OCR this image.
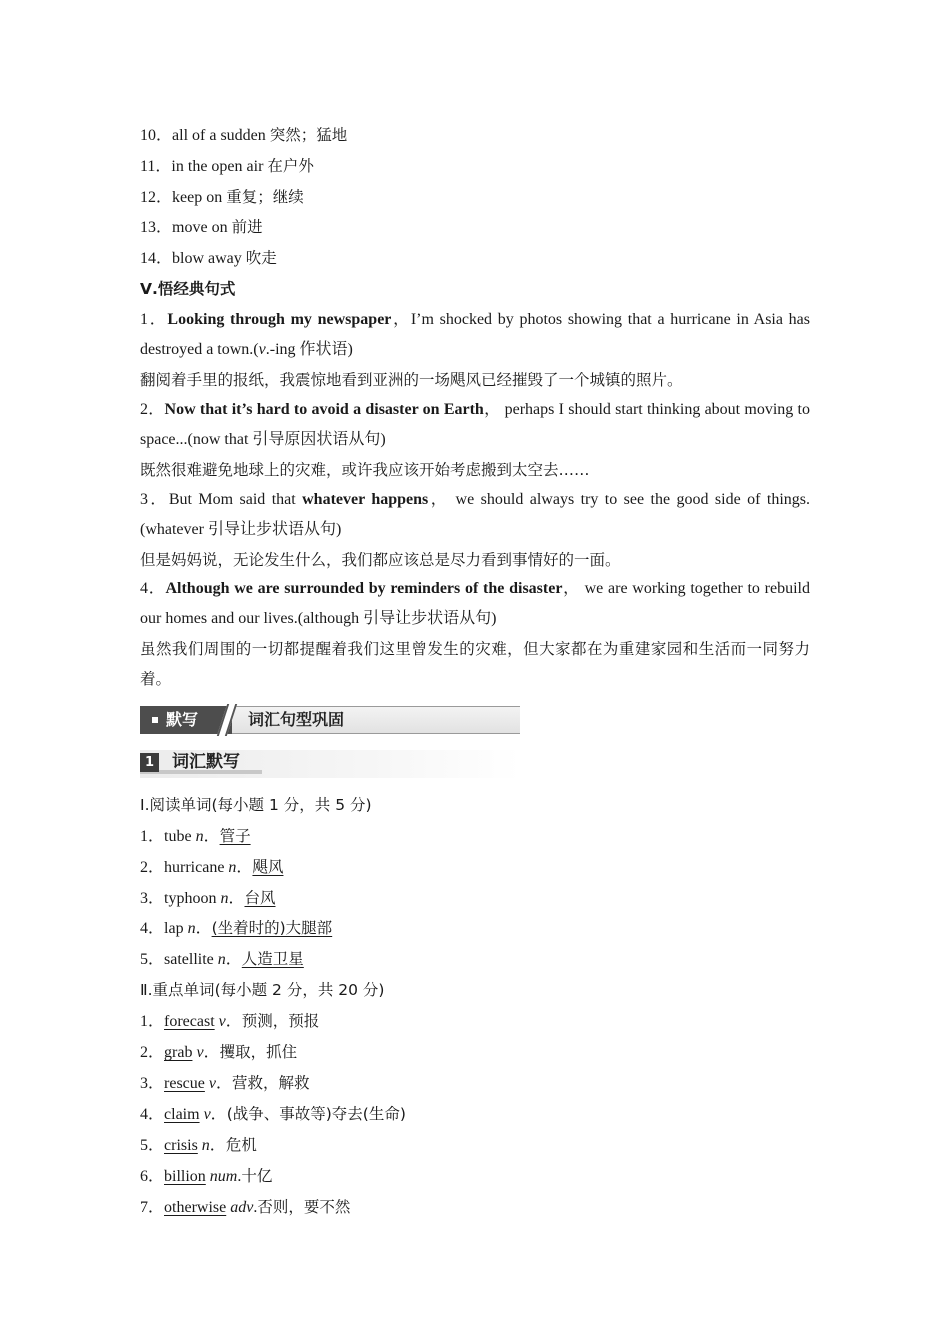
10．all of a sudden 突然；猛地
11．in the open air 在户外
12．keep on 重复；继续
13．move on 前进
14．blow away 吹走
Ⅴ.悟经典句式
1．Looking through my newspaper，I’m shocked by photos showing that a hurricane in Asia has destroyed a town.(v.-ing 作状语)
翻阅着手里的报纸，我震惊地看到亚洲的一场飓风已经摧毁了一个城镇的照片。
2．Now that it’s hard to avoid a disaster on Earth， perhaps I should start thinking about moving to space...(now that 引导原因状语从句)
既然很难避免地球上的灾难，或许我应该开始考虑搬到太空去……
3．But Mom said that whatever happens， we should always try to see the good side of things. (whatever 引导让步状语从句)
但是妈妈说，无论发生什么，我们都应该总是尽力看到事情好的一面。
4．Although we are surrounded by reminders of the disaster， we are working together to rebuild our homes and our lives.(although 引导让步状语从句)
虽然我们周围的一切都提醒着我们这里曾发生的灾难，但大家都在为重建家园和生活而一同努力着。
默写	词汇句型巩固
1 词汇默写
Ⅰ.阅读单词(每小题 1 分，共 5 分)
1．tube n．管子
2．hurricane n．飓风
3．typhoon n．台风
4．lap n．(坐着时的)大腿部
5．satellite n．人造卫星
Ⅱ.重点单词(每小题 2 分，共 20 分)
1．forecast v．预测，预报
2．grab v．攫取，抓住
3．rescue v．营救，解救
4．claim v．(战争、事故等)夺去(生命)
5．crisis n．危机
6．billion num.十亿
7．otherwise adv.否则，要不然
